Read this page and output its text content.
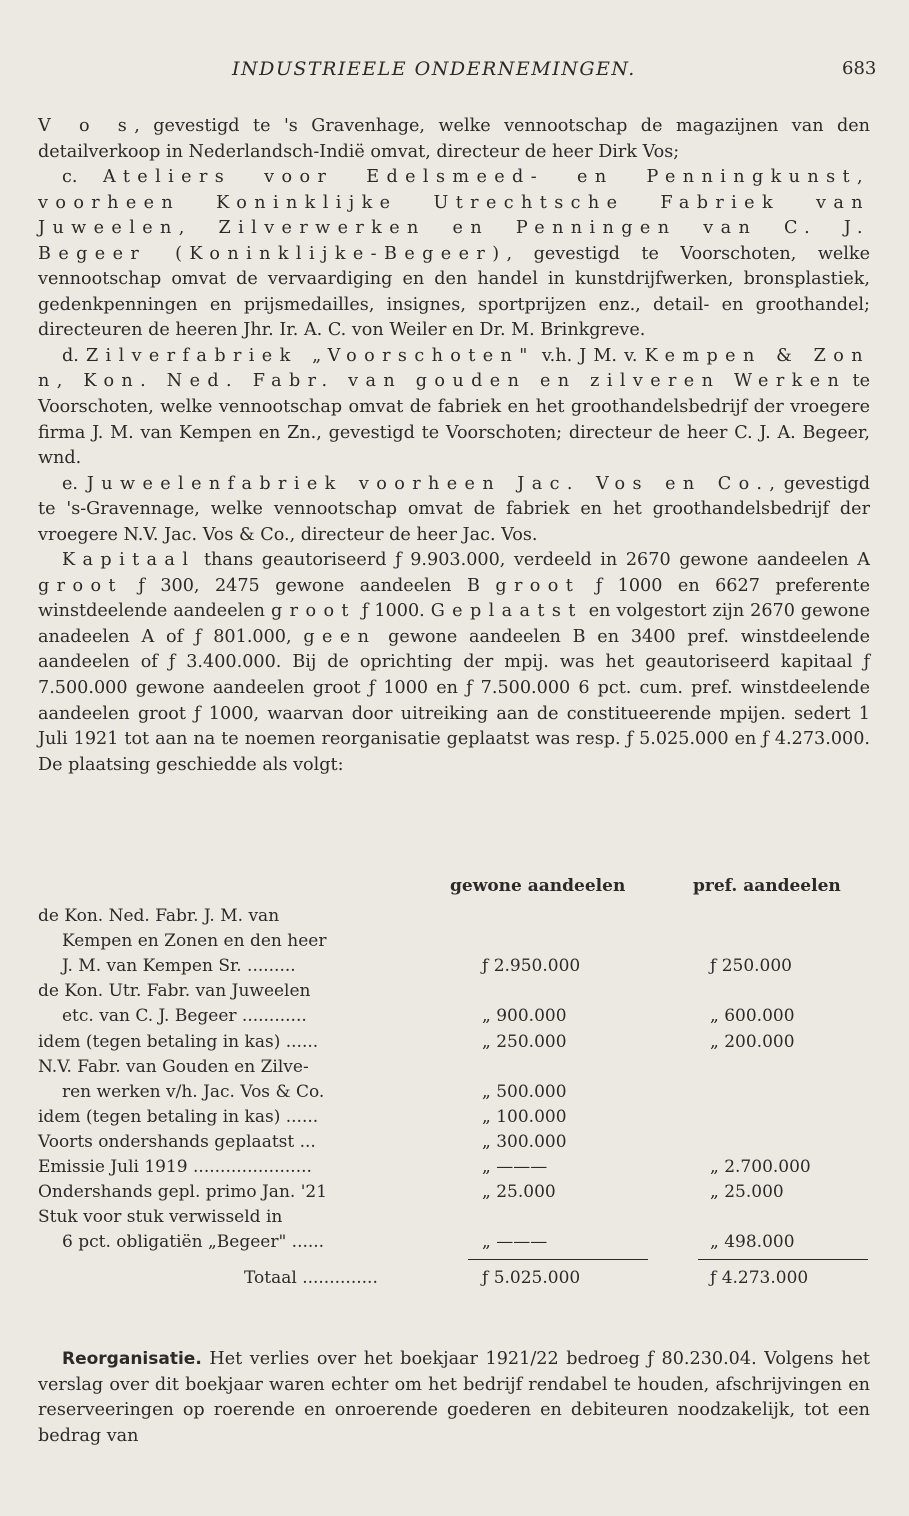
INDUSTRIEELE ONDERNEMINGEN.	683

V o s, gevestigd te 's Gravenhage, welke vennootschap de magazijnen van den detailverkoop in Nederlandsch-Indië omvat, directeur de heer Dirk Vos;

c. Ateliers voor Edelsmeed- en Penningkunst, voorheen Koninklijke Utrechtsche Fabriek van Juweelen, Zilverwerken en Penningen van C. J. Begeer (Koninklijke-Begeer), gevestigd te Voorschoten, welke vennootschap omvat de vervaardiging en den handel in kunstdrijfwerken, bronsplastiek, gedenkpenningen en prijsmedailles, insignes, sportprijzen enz., detail- en groothandel; directeuren de heeren Jhr. Ir. A. C. von Weiler en Dr. M. Brinkgreve.

d. Zilverfabriek „Voorschoten" v.h. J M. v. Kempen & Zon n, Kon. Ned. Fabr. van gouden en zilveren Werken te Voorschoten, welke vennootschap omvat de fabriek en het groothandelsbedrijf der vroegere firma J. M. van Kempen en Zn., gevestigd te Voorschoten; directeur de heer C. J. A. Begeer, wnd.

e. Juweelenfabriek voorheen Jac. Vos en Co., gevestigd te 's-Gravennage, welke vennootschap omvat de fabriek en het groothandelsbedrijf der vroegere N.V. Jac. Vos & Co., directeur de heer Jac. Vos.

Kapitaal thans geautoriseerd ƒ 9.903.000, verdeeld in 2670 gewone aandeelen A groot ƒ 300, 2475 gewone aandeelen B groot ƒ 1000 en 6627 preferente winstdeelende aandeelen groot ƒ 1000. Geplaatst en volgestort zijn 2670 gewone anadeelen A of ƒ 801.000, geen gewone aandeelen B en 3400 pref. winstdeelende aandeelen of ƒ 3.400.000. Bij de oprichting der mpij. was het geautoriseerd kapitaal ƒ 7.500.000 gewone aandeelen groot ƒ 1000 en ƒ 7.500.000 6 pct. cum. pref. winstdeelende aandeelen groot ƒ 1000, waarvan door uitreiking aan de constitueerende mpijen. sedert 1 Juli 1921 tot aan na te noemen reorganisatie geplaatst was resp. ƒ 5.025.000 en ƒ 4.273.000. De plaatsing geschiedde als volgt:

gewone aandeelen	pref. aandeelen
de Kon. Ned. Fabr. J. M. van
Kempen en Zonen en den heer
J. M. van Kempen Sr. .........	ƒ 2.950.000	ƒ 250.000
de Kon. Utr. Fabr. van Juweelen
etc. van C. J. Begeer ............	„ 900.000	„ 600.000
idem (tegen betaling in kas) ......	„ 250.000	„ 200.000
N.V. Fabr. van Gouden en Zilve-
ren werken v/h. Jac. Vos & Co.	„ 500.000
idem (tegen betaling in kas) ......	„ 100.000
Voorts ondershands geplaatst ...	„ 300.000
Emissie Juli 1919 ......................	„ ———	„ 2.700.000
Ondershands gepl. primo Jan. '21	„ 25.000	„ 25.000
Stuk voor stuk verwisseld in
6 pct. obligatiën „Begeer" ......	„ ———	„ 498.000
Totaal ..............	ƒ 5.025.000	ƒ 4.273.000

Reorganisatie. Het verlies over het boekjaar 1921/22 bedroeg ƒ 80.230.04. Volgens het verslag over dit boekjaar waren echter om het bedrijf rendabel te houden, afschrijvingen en reserveeringen op roerende en onroerende goederen en debiteuren noodzakelijk, tot een bedrag van
